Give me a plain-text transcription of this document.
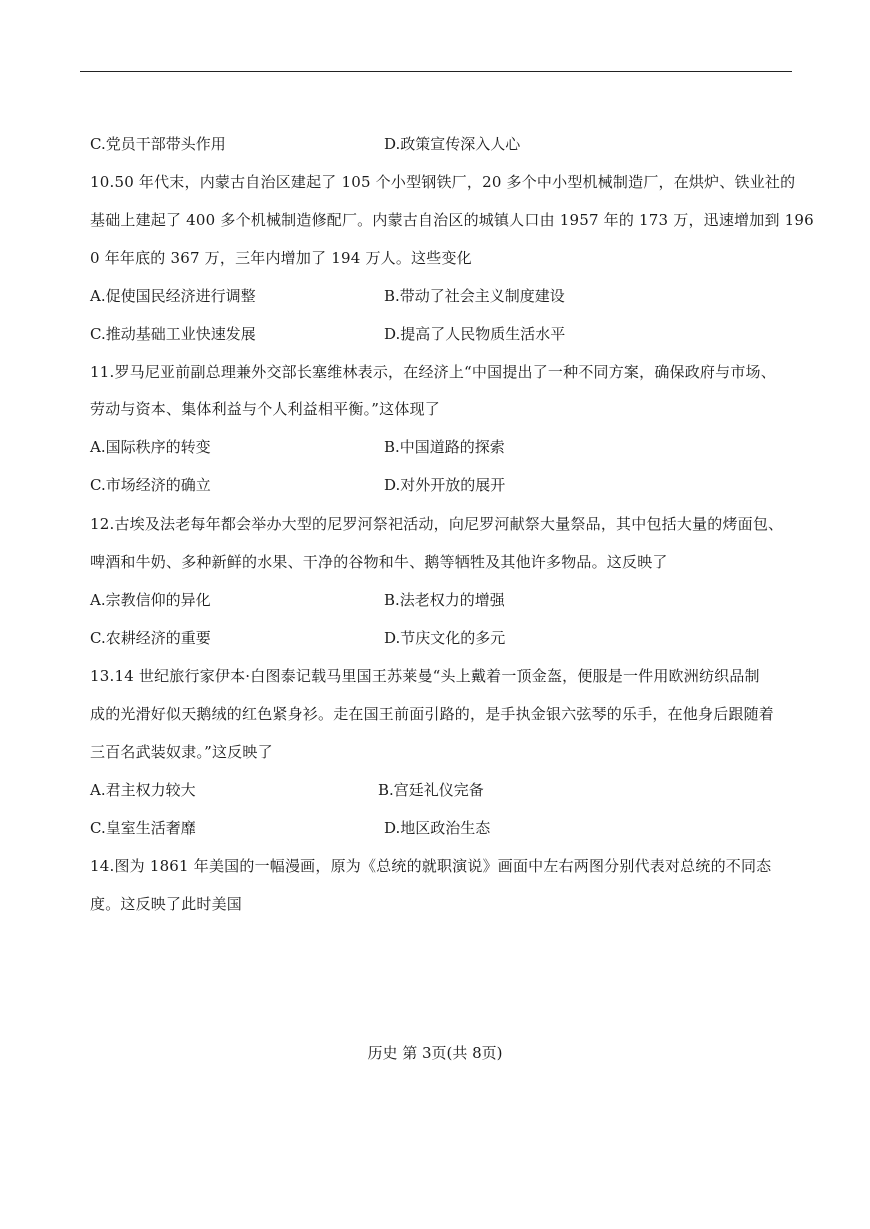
C.党员干部带头作用	D.政策宣传深入人心
10.50 年代末，内蒙古自治区建起了 105 个小型钢铁厂，20 多个中小型机械制造厂，在烘炉、铁业社的
基础上建起了 400 多个机械制造修配厂。内蒙古自治区的城镇人口由 1957 年的 173 万，迅速增加到 196
0 年年底的 367 万，三年内增加了 194 万人。这些变化
A.促使国民经济进行调整	B.带动了社会主义制度建设
C.推动基础工业快速发展	D.提高了人民物质生活水平
11.罗马尼亚前副总理兼外交部长塞维林表示，在经济上“中国提出了一种不同方案，确保政府与市场、
劳动与资本、集体利益与个人利益相平衡。”这体现了
A.国际秩序的转变	B.中国道路的探索
C.市场经济的确立	D.对外开放的展开
12.古埃及法老每年都会举办大型的尼罗河祭祀活动，向尼罗河献祭大量祭品，其中包括大量的烤面包、
啤酒和牛奶、多种新鲜的水果、干净的谷物和牛、鹅等牺牲及其他许多物品。这反映了
A.宗教信仰的异化	B.法老权力的增强
C.农耕经济的重要	D.节庆文化的多元
13.14 世纪旅行家伊本·白图泰记载马里国王苏莱曼“头上戴着一顶金盔，便服是一件用欧洲纺织品制
成的光滑好似天鹅绒的红色紧身衫。走在国王前面引路的，是手执金银六弦琴的乐手，在他身后跟随着
三百名武装奴隶。”这反映了
A.君主权力较大	B.宫廷礼仪完备
C.皇室生活奢靡	D.地区政治生态
14.图为 1861 年美国的一幅漫画，原为《总统的就职演说》画面中左右两图分别代表对总统的不同态
度。这反映了此时美国
历史 第 3页(共 8页)
